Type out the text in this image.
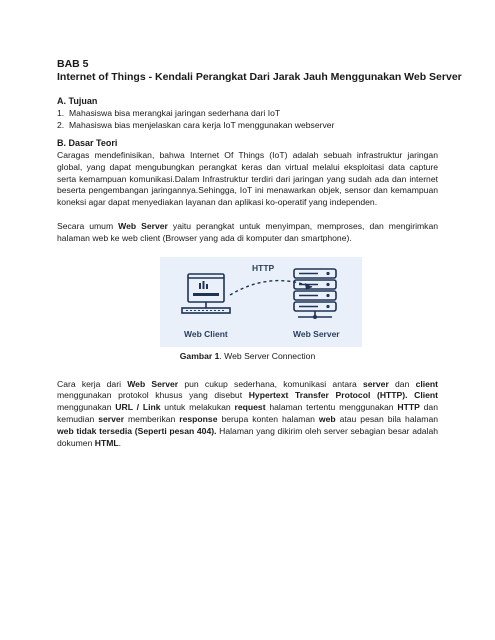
BAB 5

Internet of Things - Kendali Perangkat Dari Jarak Jauh Menggunakan Web Server

A. Tujuan

1. Mahasiswa bisa merangkai jaringan sederhana dari IoT
2. Mahasiswa bias menjelaskan cara kerja IoT menggunakan webserver

B. Dasar Teori

Caragas mendefinisikan, bahwa Internet Of Things (IoT) adalah sebuah infrastruktur jaringan global, yang dapat mengubungkan perangkat keras dan virtual melalui eksploitasi data capture serta kemampuan komunikasi.Dalam Infrastruktur terdiri dari jaringan yang sudah ada dan internet beserta pengembangan jaringannya.Sehingga, IoT ini menawarkan objek, sensor dan kemampuan koneksi agar dapat menyediakan layanan dan aplikasi ko-operatif yang independen.

Secara umum Web Server yaitu perangkat untuk menyimpan, memproses, dan mengirimkan halaman web ke web client (Browser yang ada di komputer dan smartphone).

HTTP
Web Client	Web Server

Gambar 1. Web Server Connection

Cara kerja dari Web Server pun cukup sederhana, komunikasi antara server dan client menggunakan protokol khusus yang disebut Hypertext Transfer Protocol (HTTP). Client menggunakan URL / Link untuk melakukan request halaman tertentu menggunakan HTTP dan kemudian server memberikan response berupa konten halaman web atau pesan bila halaman web tidak tersedia (Seperti pesan 404). Halaman yang dikirim oleh server sebagian besar adalah dokumen HTML.
